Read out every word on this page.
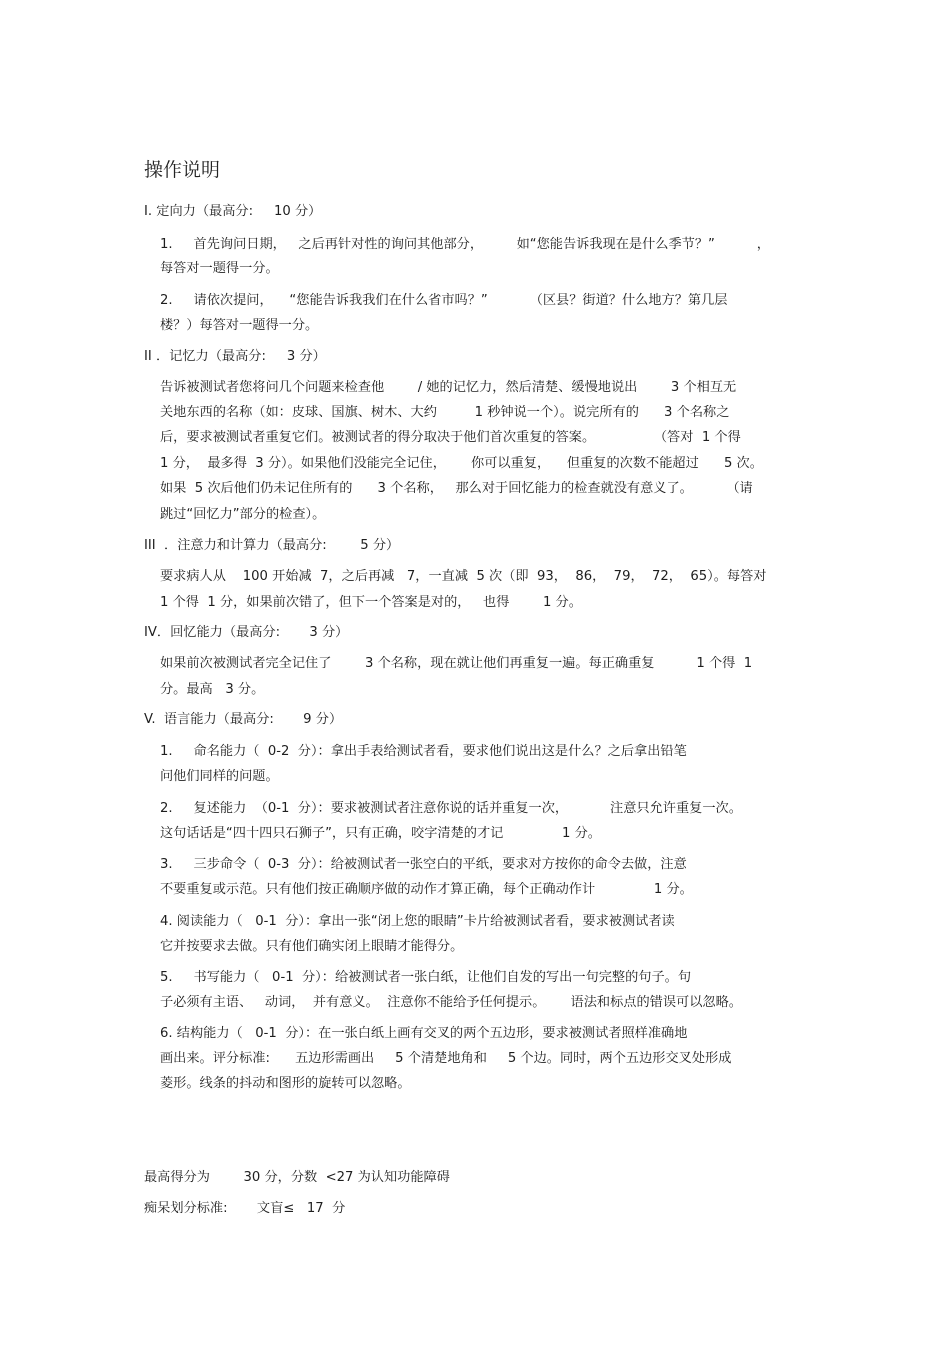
操作说明
I. 定向力（最高分:     10 分）
1.     首先询问日期，   之后再针对性的询问其他部分，        如“您能告诉我现在是什么季节？”          ，
每答对一题得一分。
2.     请依次提问，    “您能告诉我我们在什么省市吗？”          （区县？街道？什么地方？第几层
楼？）每答对一题得一分。
II ．记忆力（最高分:     3 分）
告诉被测试者您将问几个问题来检查他        / 她的记忆力，然后清楚、缓慢地说出        3 个相互无
关地东西的名称（如：皮球、国旗、树木、大约         1 秒钟说一个）。说完所有的      3 个名称之
后，要求被测试者重复它们。被测试者的得分取决于他们首次重复的答案。              （答对  1 个得
1 分，  最多得  3 分）。如果他们没能完全记住，      你可以重复，    但重复的次数不能超过      5 次。
如果  5 次后他们仍未记住所有的      3 个名称，   那么对于回忆能力的检查就没有意义了。        （请
跳过“回忆力”部分的检查）。
III  ．注意力和计算力（最高分:        5 分）
要求病人从    100 开始减  7，之后再减   7，一直减  5 次（即  93，  86，  79，  72，  65）。每答对
1 个得  1 分，如果前次错了，但下一个答案是对的，   也得        1 分。
IV．回忆能力（最高分:       3 分）
如果前次被测试者完全记住了        3 个名称，现在就让他们再重复一遍。每正确重复          1 个得  1
分。最高   3 分。
V.  语言能力（最高分:       9 分）
1.     命名能力（  0-2  分）：拿出手表给测试者看，要求他们说出这是什么？之后拿出铅笔
问他们同样的问题。
2.     复述能力  （0-1  分）：要求被测试者注意你说的话并重复一次，          注意只允许重复一次。
这句话话是“四十四只石狮子”，只有正确，咬字清楚的才记              1 分。
3.     三步命令（  0-3  分）：给被测试者一张空白的平纸，要求对方按你的命令去做，注意
不要重复或示范。只有他们按正确顺序做的动作才算正确，每个正确动作计              1 分。
4. 阅读能力（   0-1  分）：拿出一张“闭上您的眼睛”卡片给被测试者看，要求被测试者读
它并按要求去做。只有他们确实闭上眼睛才能得分。
5.     书写能力（   0-1  分）：给被测试者一张白纸，让他们自发的写出一句完整的句子。句
子必须有主语、   动词，  并有意义。  注意你不能给予任何提示。      语法和标点的错误可以忽略。
6. 结构能力（   0-1  分）：在一张白纸上画有交叉的两个五边形，要求被测试者照样准确地
画出来。评分标准:      五边形需画出     5 个清楚地角和     5 个边。同时，两个五边形交叉处形成
菱形。线条的抖动和图形的旋转可以忽略。
最高得分为        30 分，分数  <27 为认知功能障碍
痴呆划分标准:       文盲≤   17  分
